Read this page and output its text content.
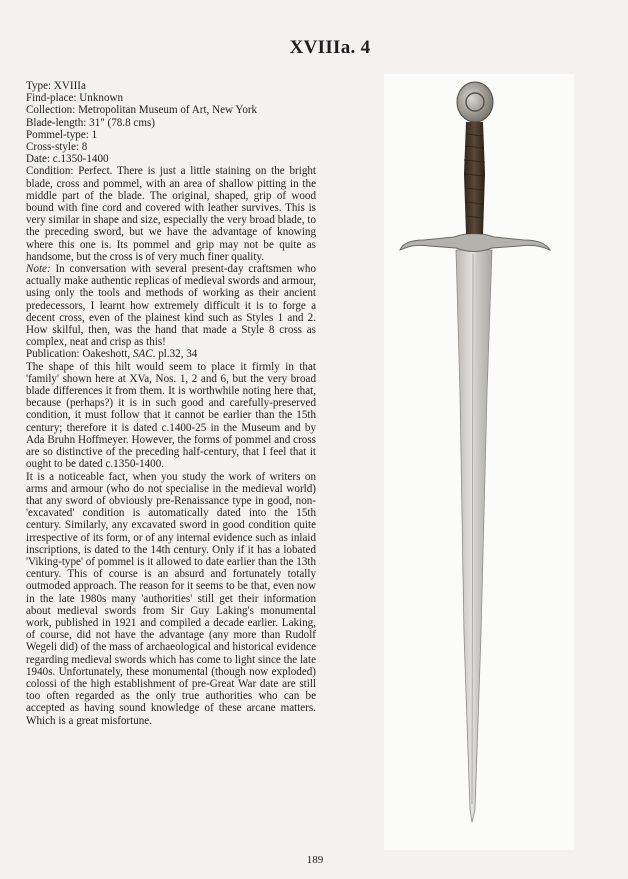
XVIIIa. 4
Type: XVIIIa
Find-place: Unknown
Collection: Metropolitan Museum of Art, New York
Blade-length: 31" (78.8 cms)
Pommel-type: 1
Cross-style: 8
Date: c.1350-1400

Condition: Perfect. There is just a little staining on the bright blade, cross and pommel, with an area of shallow pitting in the middle part of the blade. The original, shaped, grip of wood bound with fine cord and covered with leather survives. This is very similar in shape and size, especially the very broad blade, to the preceding sword, but we have the advantage of knowing where this one is. Its pommel and grip may not be quite as handsome, but the cross is of very much finer quality.

Note: In conversation with several present-day craftsmen who actually make authentic replicas of medieval swords and armour, using only the tools and methods of working as their ancient predecessors, I learnt how extremely difficult it is to forge a decent cross, even of the plainest kind such as Styles 1 and 2. How skilful, then, was the hand that made a Style 8 cross as complex, neat and crisp as this!

Publication: Oakeshott, SAC. pl.32, 34

The shape of this hilt would seem to place it firmly in that 'family' shown here at XVa, Nos. 1, 2 and 6, but the very broad blade differences it from them. It is worthwhile noting here that, because (perhaps?) it is in such good and carefully-preserved condition, it must follow that it cannot be earlier than the 15th century; therefore it is dated c.1400-25 in the Museum and by Ada Bruhn Hoffmeyer. However, the forms of pommel and cross are so distinctive of the preceding half-century, that I feel that it ought to be dated c.1350-1400.

It is a noticeable fact, when you study the work of writers on arms and armour (who do not specialise in the medieval world) that any sword of obviously pre-Renaissance type in good, non-'excavated' condition is automatically dated into the 15th century. Similarly, any excavated sword in good condition quite irrespective of its form, or of any internal evidence such as inlaid inscriptions, is dated to the 14th century. Only if it has a lobated 'Viking-type' of pommel is it allowed to date earlier than the 13th century. This of course is an absurd and fortunately totally outmoded approach. The reason for it seems to be that, even now in the late 1980s many 'authorities' still get their information about medieval swords from Sir Guy Laking's monumental work, published in 1921 and compiled a decade earlier. Laking, of course, did not have the advantage (any more than Rudolf Wegeli did) of the mass of archaeological and historical evidence regarding medieval swords which has come to light since the late 1940s. Unfortunately, these monumental (though now exploded) colossi of the high establishment of pre-Great War date are still too often regarded as the only true authorities who can be accepted as having sound knowledge of these arcane matters. Which is a great misfortune.

189
